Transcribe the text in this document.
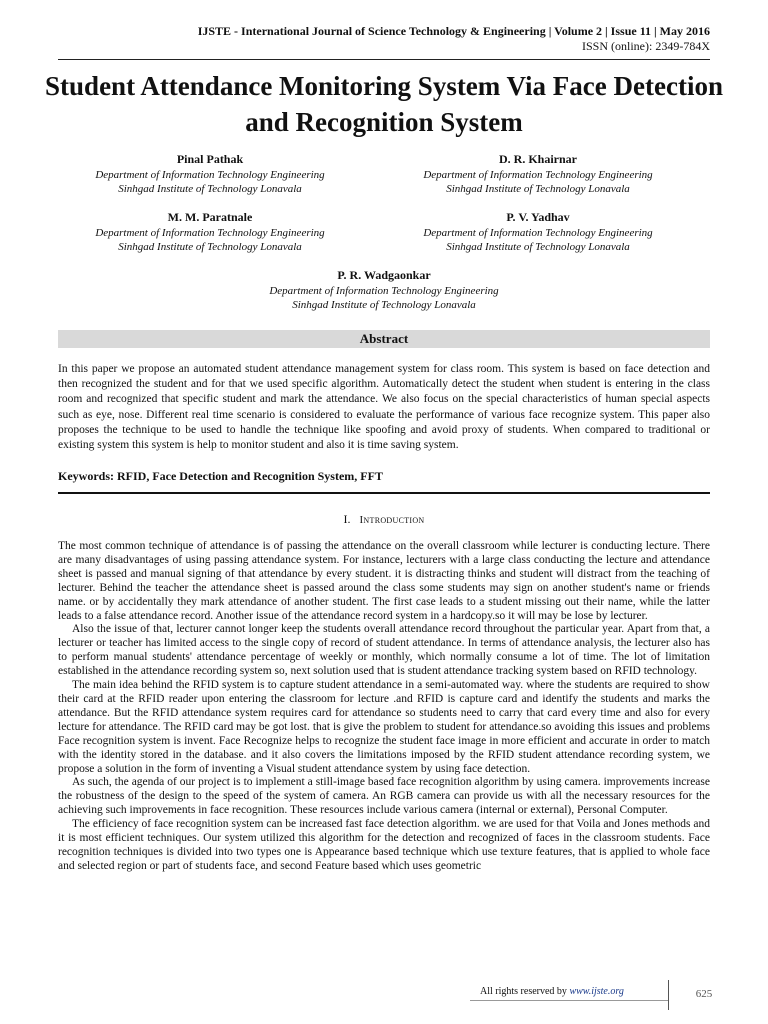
IJSTE - International Journal of Science Technology & Engineering | Volume 2 | Issue 11 | May 2016
ISSN (online): 2349-784X
Student Attendance Monitoring System Via Face Detection and Recognition System
Pinal Pathak
Department of Information Technology Engineering
Sinhgad Institute of Technology Lonavala
D. R. Khairnar
Department of Information Technology Engineering
Sinhgad Institute of Technology Lonavala
M. M. Paratnale
Department of Information Technology Engineering
Sinhgad Institute of Technology Lonavala
P. V. Yadhav
Department of Information Technology Engineering
Sinhgad Institute of Technology Lonavala
P. R. Wadgaonkar
Department of Information Technology Engineering
Sinhgad Institute of Technology Lonavala
Abstract
In this paper we propose an automated student attendance management system for class room. This system is based on face detection and then recognized the student and for that we used specific algorithm. Automatically detect the student when student is entering in the class room and recognized that specific student and mark the attendance. We also focus on the special characteristics of human special aspects such as eye, nose. Different real time scenario is considered to evaluate the performance of various face recognize system. This paper also proposes the technique to be used to handle the technique like spoofing and avoid proxy of students. When compared to traditional or existing system this system is help to monitor student and also it is time saving system.
Keywords: RFID, Face Detection and Recognition System, FFT
I. Introduction

The most common technique of attendance is of passing the attendance on the overall classroom while lecturer is conducting lecture. There are many disadvantages of using passing attendance system. For instance, lecturers with a large class conducting the lecture and attendance sheet is passed and manual signing of that attendance by every student. it is distracting thinks and student will distract from the teaching of lecturer. Behind the teacher the attendance sheet is passed around the class some students may sign on another student's name or friends name. or by accidentally they mark attendance of another student. The first case leads to a student missing out their name, while the latter leads to a false attendance record. Another issue of the attendance record system in a hardcopy.so it will may be lose by lecturer.

Also the issue of that, lecturer cannot longer keep the students overall attendance record throughout the particular year. Apart from that, a lecturer or teacher has limited access to the single copy of record of student attendance. In terms of attendance analysis, the lecturer also has to perform manual students' attendance percentage of weekly or monthly, which normally consume a lot of time. The lot of limitation established in the attendance recording system so, next solution used that is student attendance tracking system based on RFID technology.

The main idea behind the RFID system is to capture student attendance in a semi-automated way. where the students are required to show their card at the RFID reader upon entering the classroom for lecture .and RFID is capture card and identify the students and marks the attendance. But the RFID attendance system requires card for attendance so students need to carry that card every time and also for every lecture for attendance. The RFID card may be got lost. that is give the problem to student for attendance.so avoiding this issues and problems Face recognition system is invent. Face Recognize helps to recognize the student face image in more efficient and accurate in order to match with the identity stored in the database. and it also covers the limitations imposed by the RFID student attendance recording system, we propose a solution in the form of inventing a Visual student attendance system by using face detection.

As such, the agenda of our project is to implement a still-image based face recognition algorithm by using camera. improvements increase the robustness of the design to the speed of the system of camera. An RGB camera can provide us with all the necessary resources for the achieving such improvements in face recognition. These resources include various camera (internal or external), Personal Computer.

The efficiency of face recognition system can be increased fast face detection algorithm. we are used for that Voila and Jones methods and it is most efficient techniques. Our system utilized this algorithm for the detection and recognized of faces in the classroom students. Face recognition techniques is divided into two types one is Appearance based technique which use texture features, that is applied to whole face and selected region or part of students face, and second Feature based which uses geometric

All rights reserved by www.ijste.org	625
